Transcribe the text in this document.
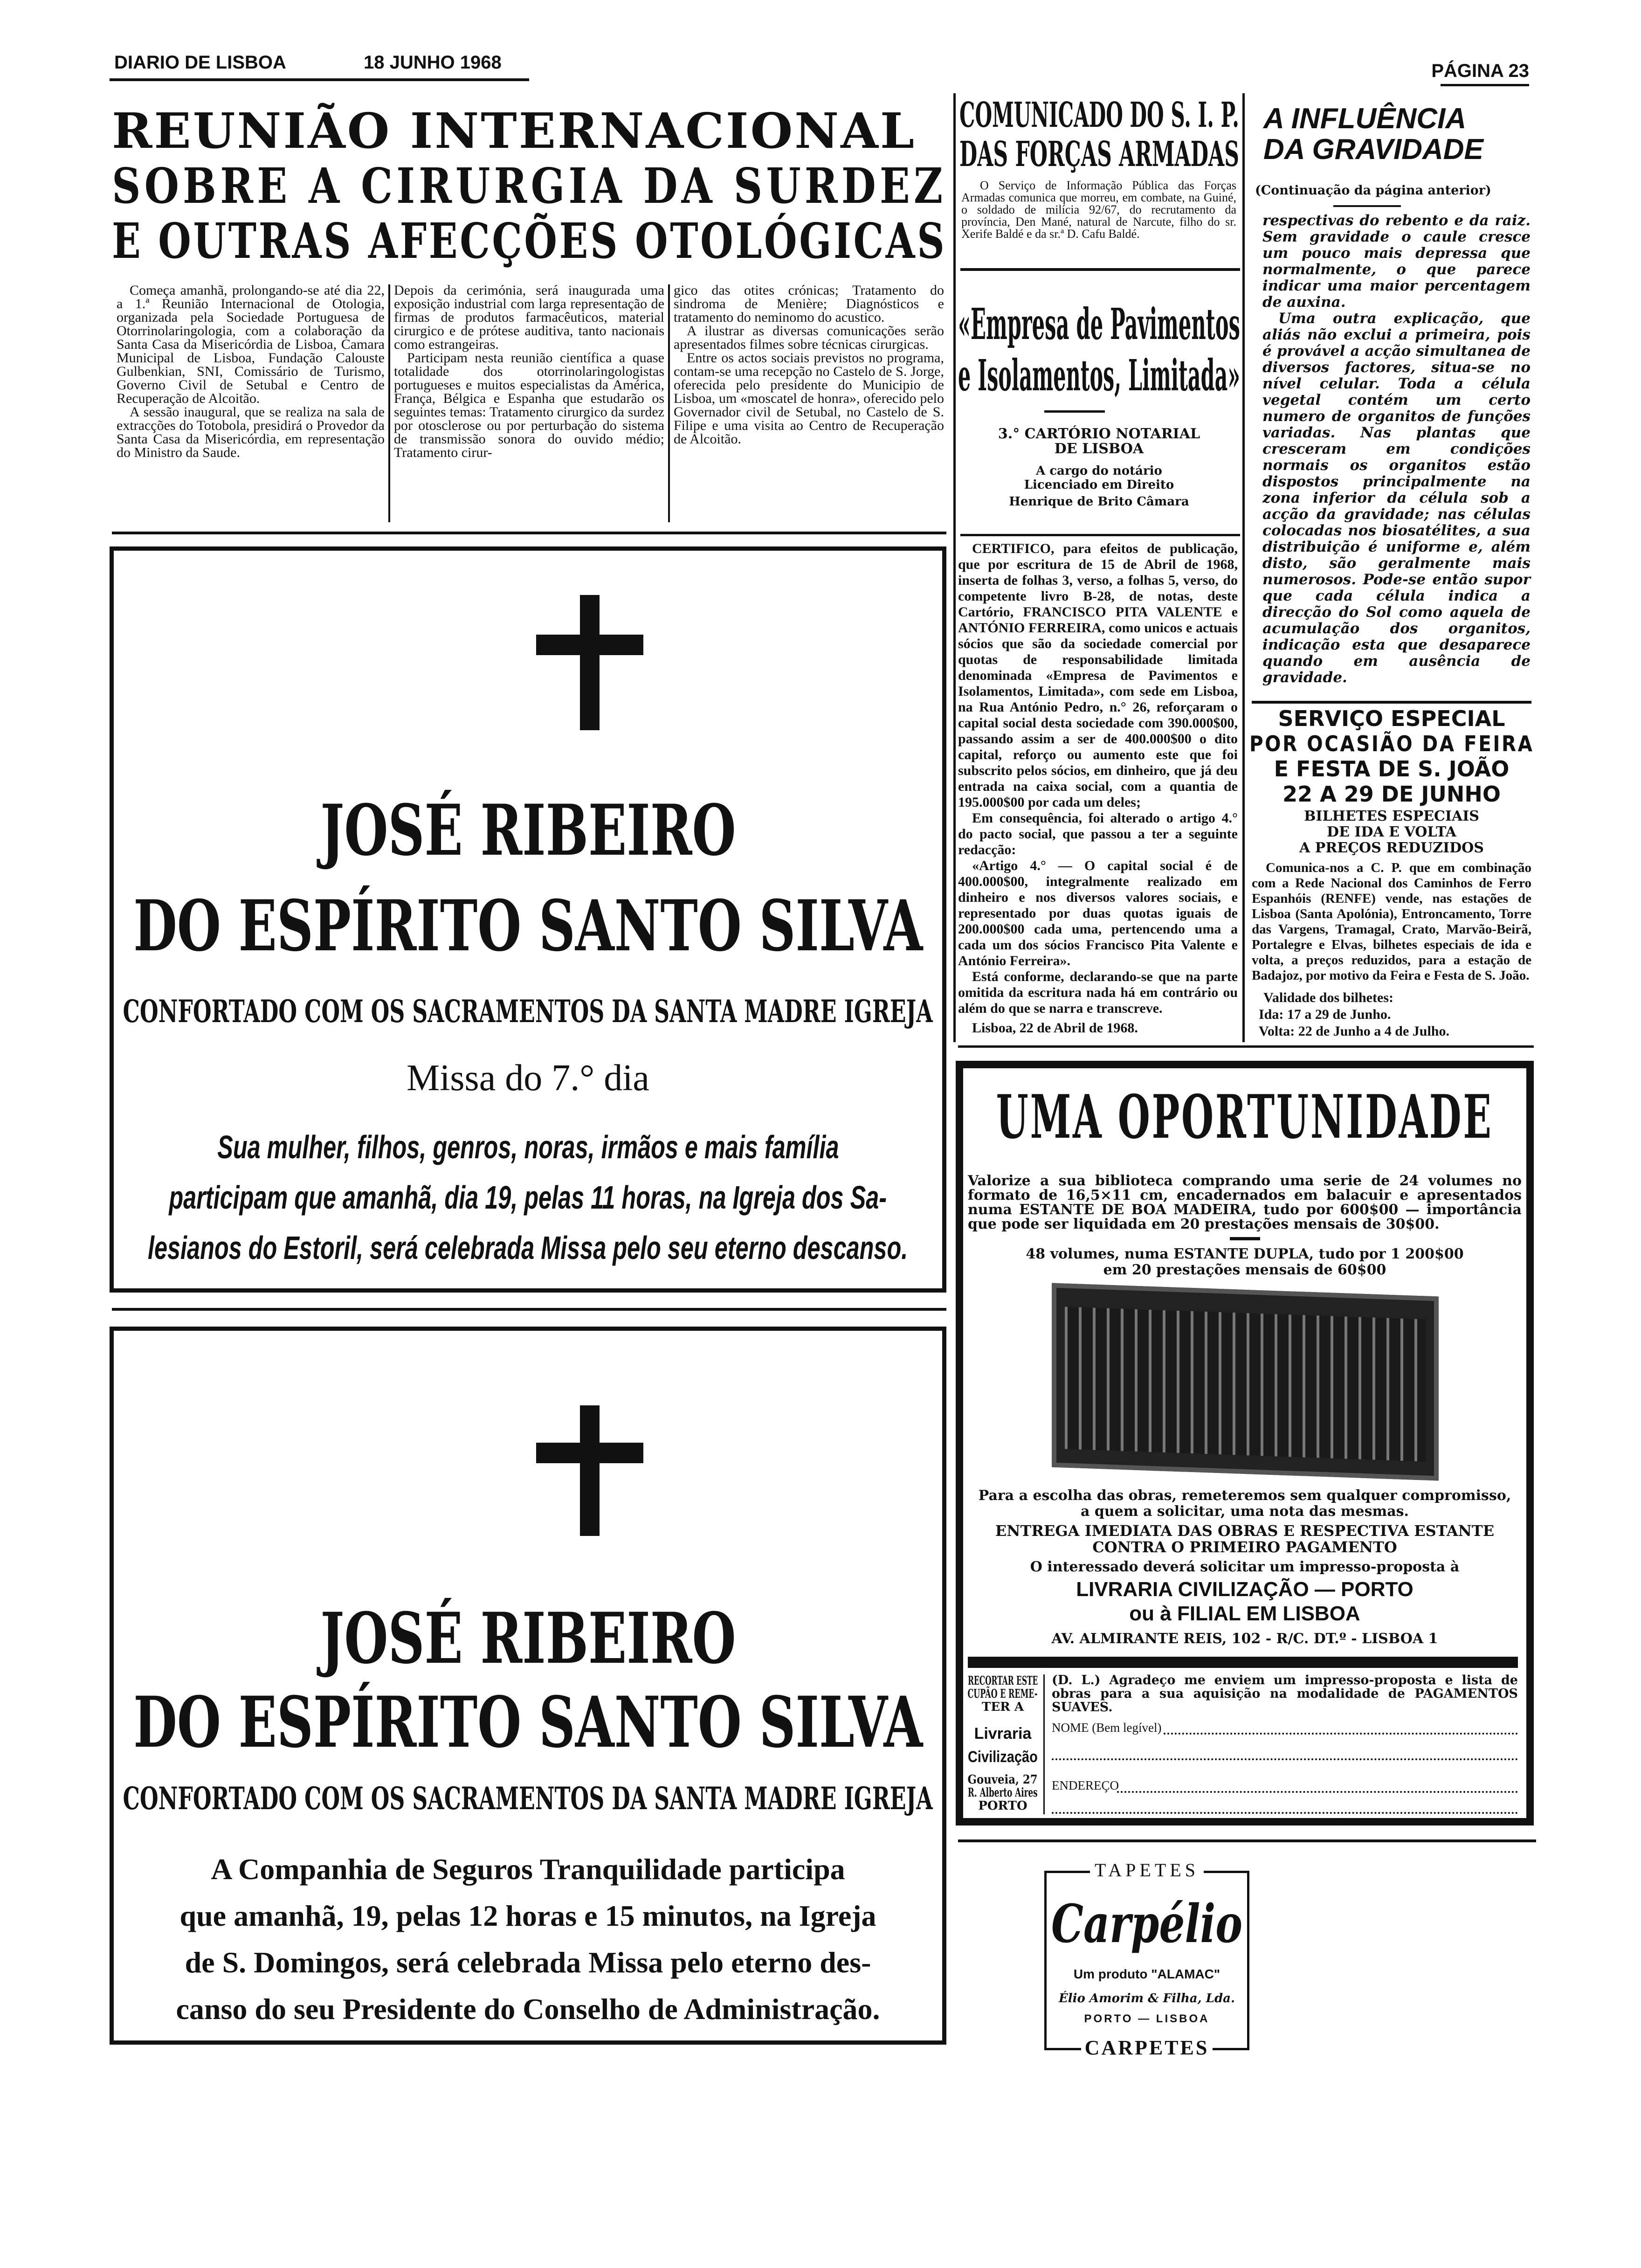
DIARIO DE LISBOA	18 JUNHO 1968	PÁGINA 23
REUNIÃO INTERNACIONAL
SOBRE A CIRURGIA DA SURDEZ
E OUTRAS AFECÇÕES OTOLÓGICAS

Começa amanhã, prolongando-se até dia 22, a 1.ª Reunião Internacional de Otologia, organizada pela Sociedade Portuguesa de Otorrinolaringologia, com a colaboração da Santa Casa da Misericórdia de Lisboa, Camara Municipal de Lisboa, Fundação Calouste Gulbenkian, SNI, Comissário de Turismo, Governo Civil de Setubal e Centro de Recuperação de Alcoitão.

A sessão inaugural, que se realiza na sala de extracções do Totobola, presidirá o Provedor da Santa Casa da Misericórdia, em representação do Ministro da Saude.

Depois da cerimónia, será inaugurada uma exposição industrial com larga representação de firmas de produtos farmacêuticos, material cirurgico e de prótese auditiva, tanto nacionais como estrangeiras.

Participam nesta reunião científica a quase totalidade dos otorrinolaringologistas portugueses e muitos especialistas da América, França, Bélgica e Espanha que estudarão os seguintes temas: Tratamento cirurgico da surdez por otosclerose ou por perturbação do sistema de transmissão sonora do ouvido médio; Tratamento cirur-

gico das otites crónicas; Tratamento do sindroma de Menière; Diagnósticos e tratamento do neminomo do acustico.

A ilustrar as diversas comunicações serão apresentados filmes sobre técnicas cirurgicas.

Entre os actos sociais previstos no programa, contam-se uma recepção no Castelo de S. Jorge, oferecida pelo presidente do Municipio de Lisboa, um «moscatel de honra», oferecido pelo Governador civil de Setubal, no Castelo de S. Filipe e uma visita ao Centro de Recuperação de Alcoitão.

JOSÉ RIBEIRO
DO ESPÍRITO SANTO SILVA
CONFORTADO COM OS SACRAMENTOS DA SANTA MADRE IGREJA
Missa do 7.° dia
Sua mulher, filhos, genros, noras, irmãos e mais família
participam que amanhã, dia 19, pelas 11 horas, na Igreja dos Sa-
lesianos do Estoril, será celebrada Missa pelo seu eterno descanso.
JOSÉ RIBEIRO
DO ESPÍRITO SANTO SILVA
CONFORTADO COM OS SACRAMENTOS DA SANTA MADRE IGREJA
A Companhia de Seguros Tranquilidade participa
que amanhã, 19, pelas 12 horas e 15 minutos, na Igreja
de S. Domingos, será celebrada Missa pelo eterno des-
canso do seu Presidente do Conselho de Administração.
COMUNICADO DO S. I. P.
DAS FORÇAS ARMADAS
O Serviço de Informação Pública das Forças Armadas comunica que morreu, em combate, na Guiné, o soldado de milícia 92/67, do recrutamento da província, Den Mané, natural de Narcute, filho do sr. Xerife Baldé e da sr.ª D. Cafu Baldé.
«Empresa de Pavimentos
e Isolamentos, Limitada»
3.° CARTÓRIO NOTARIAL
DE LISBOA
A cargo do notário
Licenciado em Direito
Henrique de Brito Câmara

CERTIFICO, para efeitos de publicação, que por escritura de 15 de Abril de 1968, inserta de folhas 3, verso, a folhas 5, verso, do competente livro B-28, de notas, deste Cartório, FRANCISCO PITA VALENTE e ANTÓNIO FERREIRA, como unicos e actuais sócios que são da sociedade comercial por quotas de responsabilidade limitada denominada «Empresa de Pavimentos e Isolamentos, Limitada», com sede em Lisboa, na Rua António Pedro, n.° 26, reforçaram o capital social desta sociedade com 390.000$00, passando assim a ser de 400.000$00 o dito capital, reforço ou aumento este que foi subscrito pelos sócios, em dinheiro, que já deu entrada na caixa social, com a quantia de 195.000$00 por cada um deles;

Em consequência, foi alterado o artigo 4.° do pacto social, que passou a ter a seguinte redacção:

«Artigo 4.° — O capital social é de 400.000$00, integralmente realizado em dinheiro e nos diversos valores sociais, e representado por duas quotas iguais de 200.000$00 cada uma, pertencendo uma a cada um dos sócios Francisco Pita Valente e António Ferreira».

Está conforme, declarando-se que na parte omitida da escritura nada há em contrário ou além do que se narra e transcreve.

Lisboa, 22 de Abril de 1968.

A INFLUÊNCIA
DA GRAVIDADE
(Continuação da página anterior)

respectivas do rebento e da raiz. Sem gravidade o caule cresce um pouco mais depressa que normalmente, o que parece indicar uma maior percentagem de auxina.

Uma outra explicação, que aliás não exclui a primeira, pois é provável a acção simultanea de diversos factores, situa-se no nível celular. Toda a célula vegetal contém um certo numero de organitos de funções variadas. Nas plantas que cresceram em condições normais os organitos estão dispostos principalmente na zona inferior da célula sob a acção da gravidade; nas células colocadas nos biosatélites, a sua distribuição é uniforme e, além disto, são geralmente mais numerosos. Pode-se então supor que cada célula indica a direcção do Sol como aquela de acumulação dos organitos, indicação esta que desaparece quando em ausência de gravidade.

SERVIÇO ESPECIAL
POR OCASIÃO DA FEIRA
E FESTA DE S. JOÃO
22 A 29 DE JUNHO
BILHETES ESPECIAIS
DE IDA E VOLTA
A PREÇOS REDUZIDOS
Comunica-nos a C. P. que em combinação com a Rede Nacional dos Caminhos de Ferro Espanhóis (RENFE) vende, nas estações de Lisboa (Santa Apolónia), Entroncamento, Torre das Vargens, Tramagal, Crato, Marvão-Beirã, Portalegre e Elvas, bilhetes especiais de ida e volta, a preços reduzidos, para a estação de Badajoz, por motivo da Feira e Festa de S. João.
Validade dos bilhetes:
Ida: 17 a 29 de Junho.
Volta: 22 de Junho a 4 de Julho.
UMA OPORTUNIDADE
Valorize a sua biblioteca comprando uma serie de 24 volumes no formato de 16,5×11 cm, encadernados em balacuir e apresentados numa ESTANTE DE BOA MADEIRA, tudo por 600$00 — importância que pode ser liquidada em 20 prestações mensais de 30$00.
48 volumes, numa ESTANTE DUPLA, tudo por 1 200$00
em 20 prestações mensais de 60$00
Para a escolha das obras, remeteremos sem qualquer compromisso,
a quem a solicitar, uma nota das mesmas.
ENTREGA IMEDIATA DAS OBRAS E RESPECTIVA ESTANTE
CONTRA O PRIMEIRO PAGAMENTO
O interessado deverá solicitar um impresso-proposta à
LIVRARIA CIVILIZAÇÃO — PORTO
ou à FILIAL EM LISBOA
AV. ALMIRANTE REIS, 102 - R/C. DT.º - LISBOA 1
RECORTAR ESTE
CUPÃO E REME-
TER A
Livraria
Civilização
Gouveia, 27
R. Alberto Aires
PORTO
(D. L.) Agradeço me enviem um impresso-proposta e lista de obras para a sua aquisição na modalidade de PAGAMENTOS SUAVES.
NOME (Bem legível)
ENDEREÇO
TAPETES
Carpélio
Um produto "ALAMAC"
Élio Amorim & Filha, Lda.
PORTO — LISBOA
CARPETES
